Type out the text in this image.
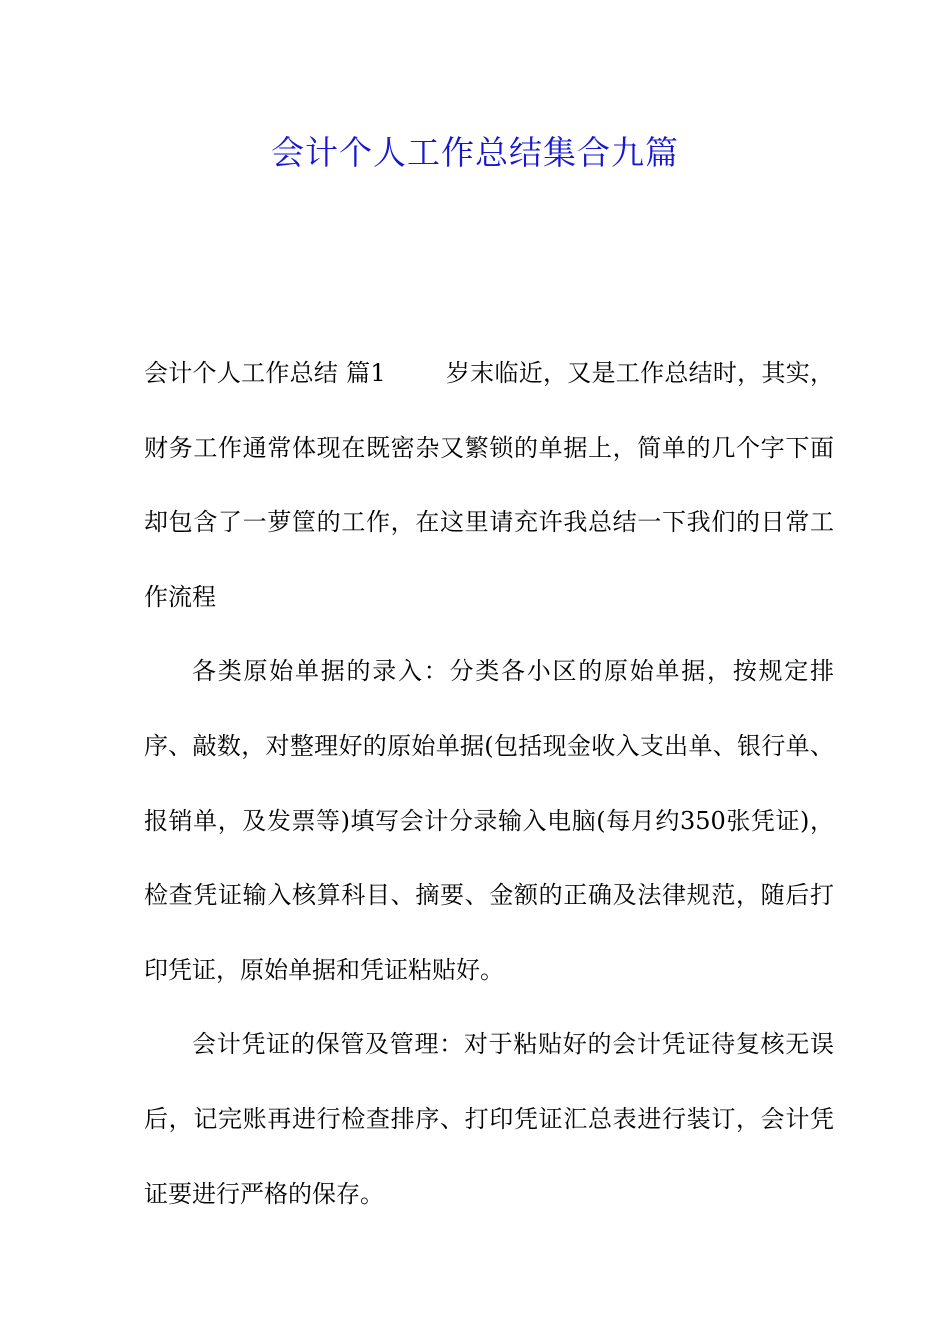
会计个人工作总结集合九篇

会计个人工作总结 篇1	岁末临近，又是工作总结时，其实，财务工作通常体现在既密杂又繁锁的单据上，简单的几个字下面却包含了一萝筐的工作，在这里请充许我总结一下我们的日常工作流程

各类原始单据的录入：分类各小区的原始单据，按规定排序、敲数，对整理好的原始单据(包括现金收入支出单、银行单、报销单，及发票等)填写会计分录输入电脑(每月约350张凭证)，检查凭证输入核算科目、摘要、金额的正确及法律规范，随后打印凭证，原始单据和凭证粘贴好。

会计凭证的保管及管理：对于粘贴好的会计凭证待复核无误后，记完账再进行检查排序、打印凭证汇总表进行装订，会计凭证要进行严格的保存。
